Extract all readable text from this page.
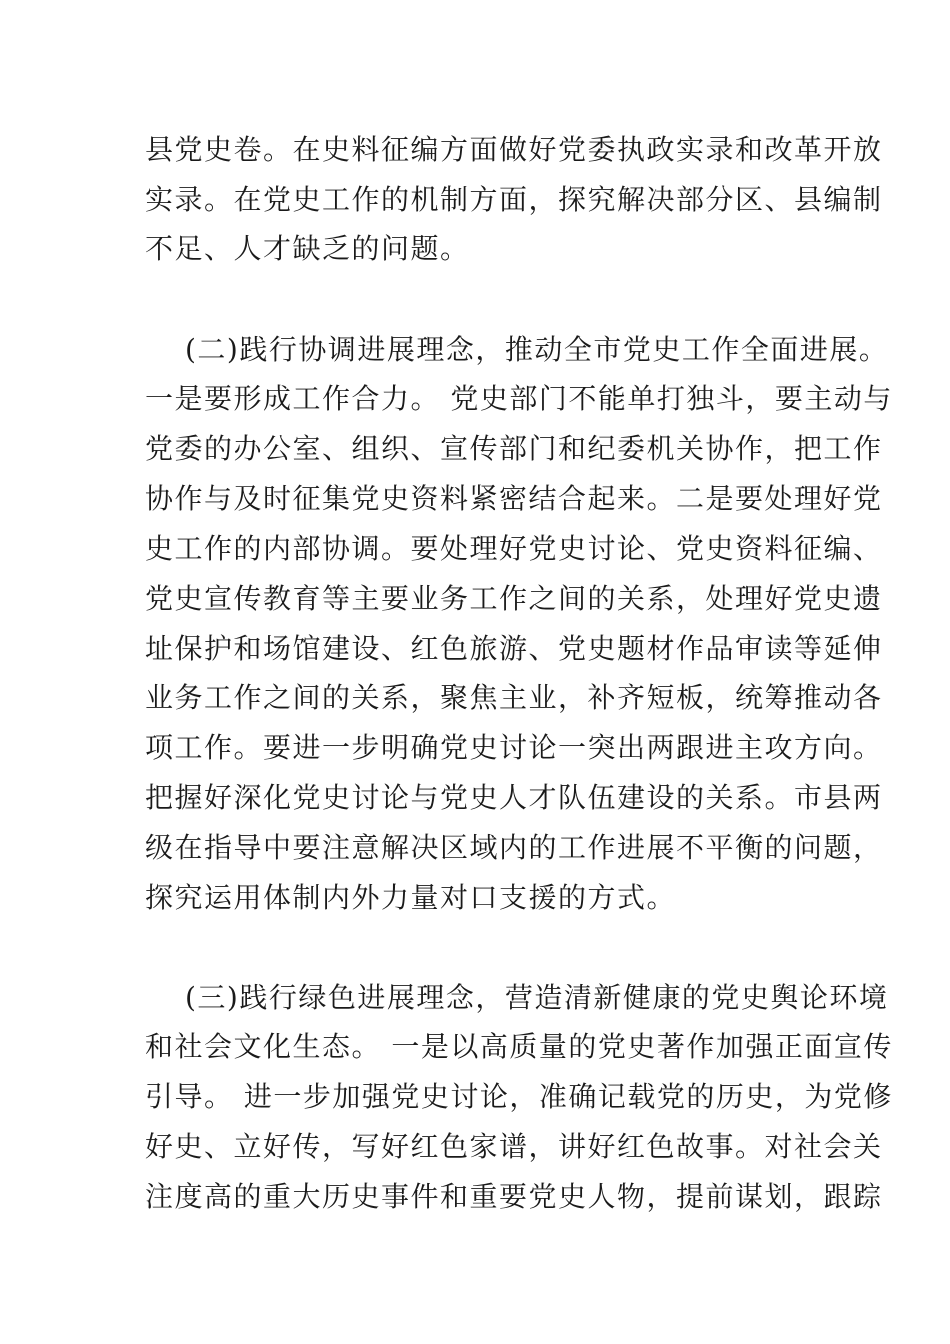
县党史卷。在史料征编方面做好党委执政实录和改革开放
实录。在党史工作的机制方面，探究解决部分区、县编制
不足、人才缺乏的问题。
(二)践行协调进展理念，推动全市党史工作全面进展。
一是要形成工作合力。 党史部门不能单打独斗，要主动与
党委的办公室、组织、宣传部门和纪委机关协作，把工作
协作与及时征集党史资料紧密结合起来。二是要处理好党
史工作的内部协调。要处理好党史讨论、党史资料征编、
党史宣传教育等主要业务工作之间的关系，处理好党史遗
址保护和场馆建设、红色旅游、党史题材作品审读等延伸
业务工作之间的关系，聚焦主业，补齐短板，统筹推动各
项工作。要进一步明确党史讨论一突出两跟进主攻方向。
把握好深化党史讨论与党史人才队伍建设的关系。市县两
级在指导中要注意解决区域内的工作进展不平衡的问题，
探究运用体制内外力量对口支援的方式。
(三)践行绿色进展理念，营造清新健康的党史舆论环境
和社会文化生态。 一是以高质量的党史著作加强正面宣传
引导。 进一步加强党史讨论，准确记载党的历史，为党修
好史、立好传，写好红色家谱，讲好红色故事。对社会关
注度高的重大历史事件和重要党史人物，提前谋划，跟踪
